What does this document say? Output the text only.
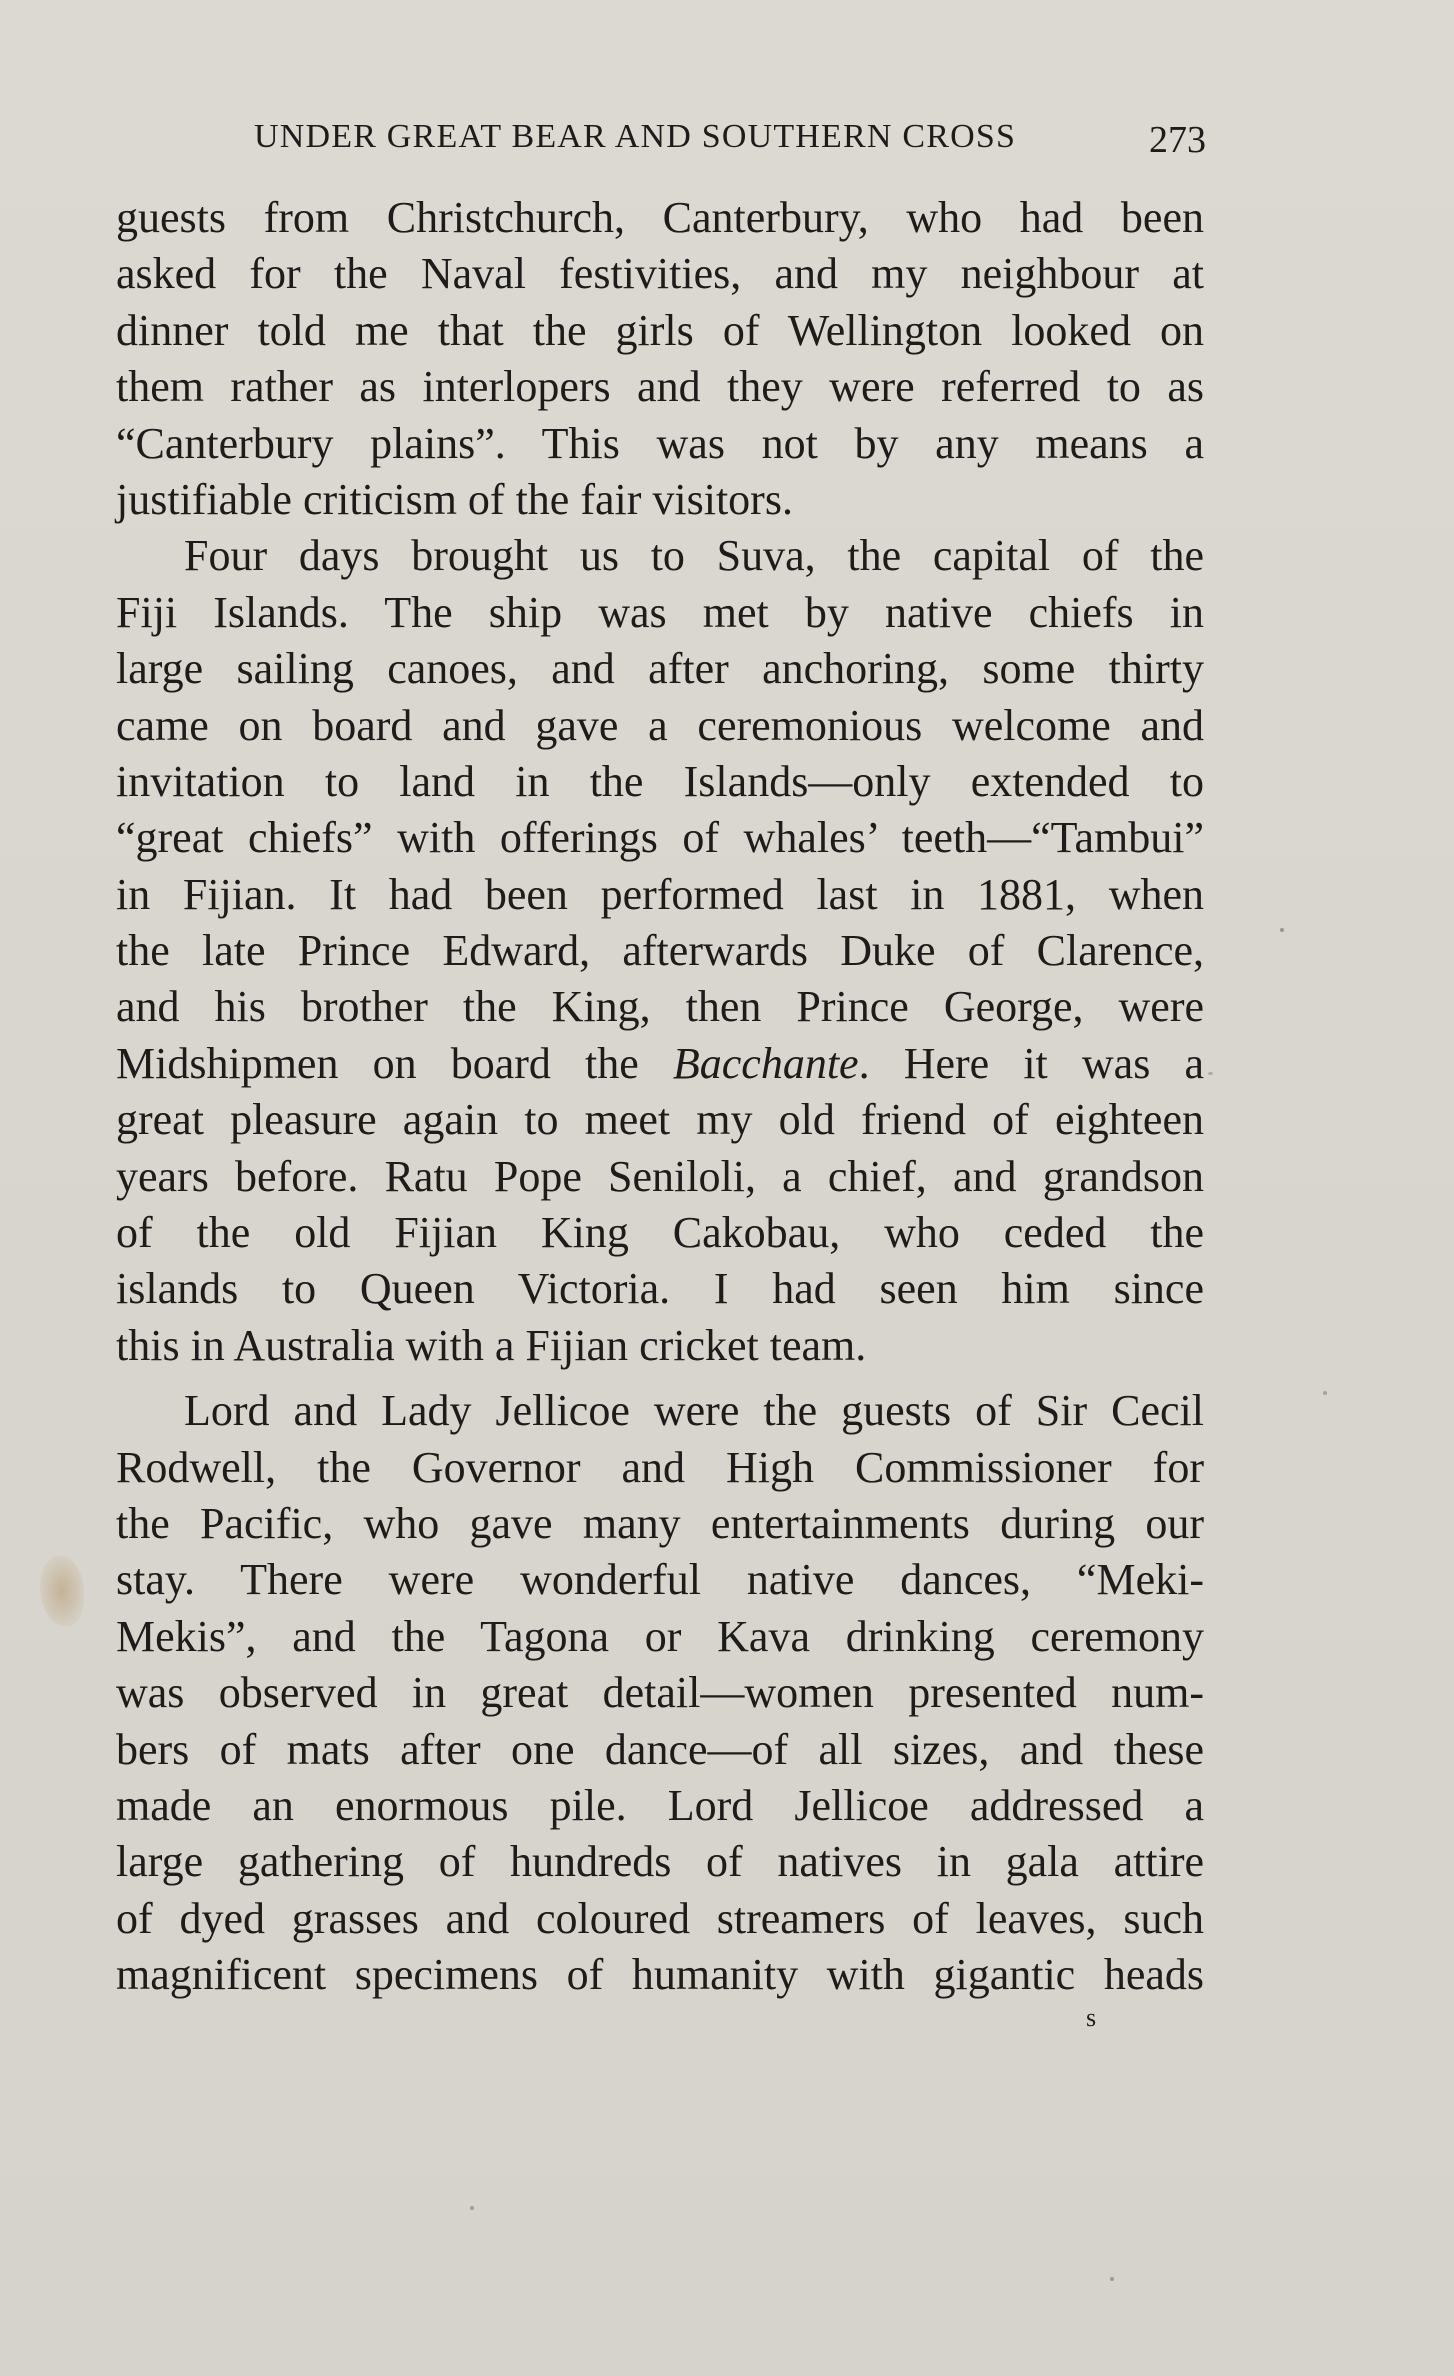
UNDER GREAT BEAR AND SOUTHERN CROSS	273
guests from Christchurch, Canterbury, who had been
asked for the Naval festivities, and my neighbour at
dinner told me that the girls of Wellington looked on
them rather as interlopers and they were referred to as
“Canterbury plains”. This was not by any means a
justifiable criticism of the fair visitors.
Four days brought us to Suva, the capital of the
Fiji Islands. The ship was met by native chiefs in
large sailing canoes, and after anchoring, some thirty
came on board and gave a ceremonious welcome and
invitation to land in the Islands—only extended to
“great chiefs” with offerings of whales’ teeth—“Tambui”
in Fijian. It had been performed last in 1881, when
the late Prince Edward, afterwards Duke of Clarence,
and his brother the King, then Prince George, were
Midshipmen on board the Bacchante. Here it was a
great pleasure again to meet my old friend of eighteen
years before. Ratu Pope Seniloli, a chief, and grandson
of the old Fijian King Cakobau, who ceded the
islands to Queen Victoria. I had seen him since
this in Australia with a Fijian cricket team.
Lord and Lady Jellicoe were the guests of Sir Cecil
Rodwell, the Governor and High Commissioner for
the Pacific, who gave many entertainments during our
stay. There were wonderful native dances, “Meki-
Mekis”, and the Tagona or Kava drinking ceremony
was observed in great detail—women presented num-
bers of mats after one dance—of all sizes, and these
made an enormous pile. Lord Jellicoe addressed a
large gathering of hundreds of natives in gala attire
of dyed grasses and coloured streamers of leaves, such
magnificent specimens of humanity with gigantic heads
s
